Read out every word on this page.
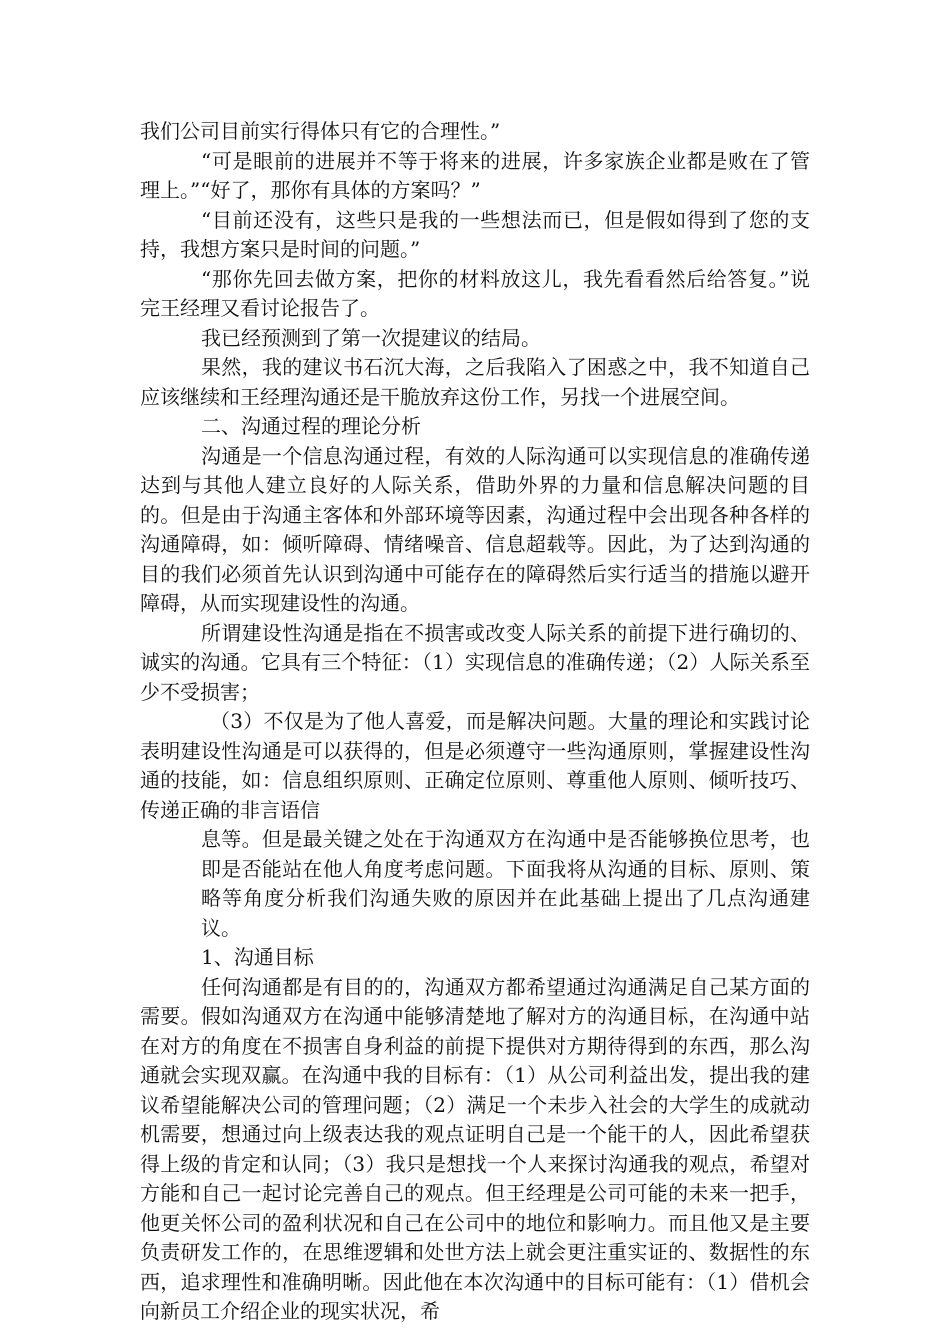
我们公司目前实行得体只有它的合理性。”

“可是眼前的进展并不等于将来的进展，许多家族企业都是败在了管理上。”“好了，那你有具体的方案吗？”

“目前还没有，这些只是我的一些想法而已，但是假如得到了您的支持，我想方案只是时间的问题。”

“那你先回去做方案，把你的材料放这儿，我先看看然后给答复。”说完王经理又看讨论报告了。

我已经预测到了第一次提建议的结局。

果然，我的建议书石沉大海，之后我陷入了困惑之中，我不知道自己应该继续和王经理沟通还是干脆放弃这份工作，另找一个进展空间。

二、沟通过程的理论分析

沟通是一个信息沟通过程，有效的人际沟通可以实现信息的准确传递达到与其他人建立良好的人际关系，借助外界的力量和信息解决问题的目的。但是由于沟通主客体和外部环境等因素，沟通过程中会出现各种各样的沟通障碍，如：倾听障碍、情绪噪音、信息超载等。因此，为了达到沟通的目的我们必须首先认识到沟通中可能存在的障碍然后实行适当的措施以避开障碍，从而实现建设性的沟通。

所谓建设性沟通是指在不损害或改变人际关系的前提下进行确切的、诚实的沟通。它具有三个特征：（1）实现信息的准确传递；（2）人际关系至少不受损害；

（3）不仅是为了他人喜爱，而是解决问题。大量的理论和实践讨论表明建设性沟通是可以获得的，但是必须遵守一些沟通原则，掌握建设性沟通的技能，如：信息组织原则、正确定位原则、尊重他人原则、倾听技巧、传递正确的非言语信

息等。但是最关键之处在于沟通双方在沟通中是否能够换位思考，也即是否能站在他人角度考虑问题。下面我将从沟通的目标、原则、策略等角度分析我们沟通失败的原因并在此基础上提出了几点沟通建议。

1、沟通目标

任何沟通都是有目的的，沟通双方都希望通过沟通满足自己某方面的需要。假如沟通双方在沟通中能够清楚地了解对方的沟通目标，在沟通中站在对方的角度在不损害自身利益的前提下提供对方期待得到的东西，那么沟通就会实现双赢。在沟通中我的目标有：（1）从公司利益出发，提出我的建议希望能解决公司的管理问题；（2）满足一个未步入社会的大学生的成就动机需要，想通过向上级表达我的观点证明自己是一个能干的人，因此希望获得上级的肯定和认同；（3）我只是想找一个人来探讨沟通我的观点，希望对方能和自己一起讨论完善自己的观点。但王经理是公司可能的未来一把手，他更关怀公司的盈利状况和自己在公司中的地位和影响力。而且他又是主要负责研发工作的，在思维逻辑和处世方法上就会更注重实证的、数据性的东西，追求理性和准确明晰。因此他在本次沟通中的目标可能有：（1）借机会向新员工介绍企业的现实状况，希
